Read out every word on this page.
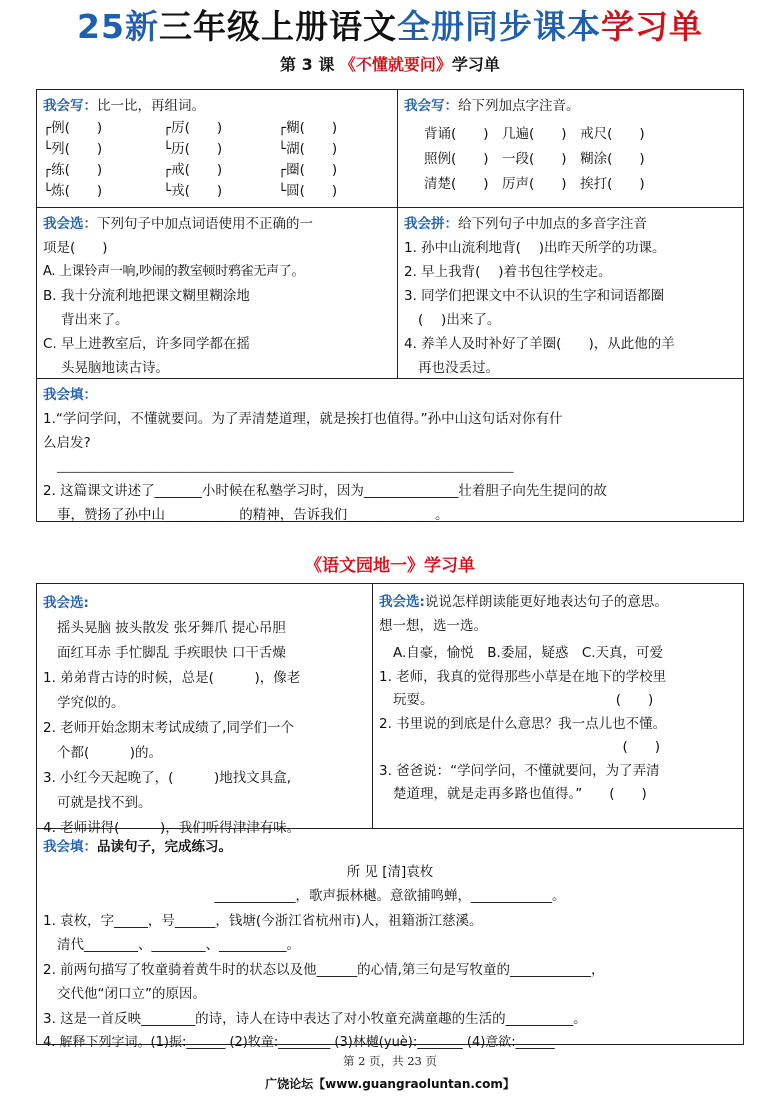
25新三年级上册语文全册同步课本学习单
第 3 课 《不懂就要问》学习单
我会写：比一比，再组词。
┌例(　　)	┌厉(　　)	┌糊(　　)
└列(　　)	└历(　　)	└湖(　　)
┌练(　　)	┌戒(　　)	┌圈(　　)
└炼(　　)	└戎(　　)	└圆(　　)
我会写：给下列加点字注音。
背诵(　　)　几遍(　　)　戒尺(　　)
照例(　　)　一段(　　)　糊涂(　　)
清楚(　　)　厉声(　　)　挨打(　　)
我会选：下列句子中加点词语使用不正确的一
项是(　　)
A. 上课铃声一响,吵闹的教室顿时鸦雀无声了。
B. 我十分流利地把课文糊里糊涂地
背出来了。
C. 早上进教室后，许多同学都在摇
头晃脑地读古诗。
我会拼：给下列句子中加点的多音字注音
1. 孙中山流利地背(　 )出昨天所学的功课。
2. 早上我背(　 )着书包往学校走。
3. 同学们把课文中不认识的生字和词语都圈
(　 )出来了。
4. 养羊人及时补好了羊圈(　　)，从此他的羊
再也没丢过。
我会填：
1.“学问学问，不懂就要问。为了弄清楚道理，就是挨打也值得。”孙中山这句话对你有什
么启发?
___________________________________________________________________________________
2. 这篇课文讲述了_______小时候在私塾学习时，因为______________壮着胆子向先生提问的故
事，赞扬了孙中山___________的精神，告诉我们_____________。
《语文园地一》学习单
我会选:
摇头晃脑 披头散发 张牙舞爪 提心吊胆
面红耳赤 手忙脚乱 手疾眼快 口干舌燥
1. 弟弟背古诗的时候，总是(　　　)，像老
学究似的。
2. 老师开始念期末考试成绩了,同学们一个
个都(　　　)的。
3. 小红今天起晚了，(　　　)地找文具盒,
可就是找不到。
4. 老师讲得(　　　)，我们听得津津有味。
我会选:说说怎样朗读能更好地表达句子的意思。
想一想，选一选。
A.自豪，愉悦　B.委屈，疑惑　C.天真，可爱
1. 老师，我真的觉得那些小草是在地下的学校里
玩耍。　　　　　　　　　　　　　　(　　)
2. 书里说的到底是什么意思？我一点儿也不懂。
　　　　　　　　　　　　　　　　　(　　)
3. 爸爸说：“学问学问，不懂就要问，为了弄清
楚道理，就是走再多路也值得。”　　(　　)
我会填：品读句子，完成练习。
所 见 [清]袁枚
____________，歌声振林樾。意欲捕鸣蝉，____________。
1. 袁枚，字_____，号______，钱塘(今浙江省杭州市)人，祖籍浙江慈溪。
清代________、________、__________。
2. 前两句描写了牧童骑着黄牛时的状态以及他______的心情,第三句是写牧童的____________，
交代他“闭口立”的原因。
3. 这是一首反映________的诗，诗人在诗中表达了对小牧童充满童趣的生活的__________。
4. 解释下列字词。(1)振:______ (2)牧童:________ (3)林樾(yuè):_______ (4)意欲:______
第 2 页，共 23 页
广饶论坛【www.guangraoluntan.com】
